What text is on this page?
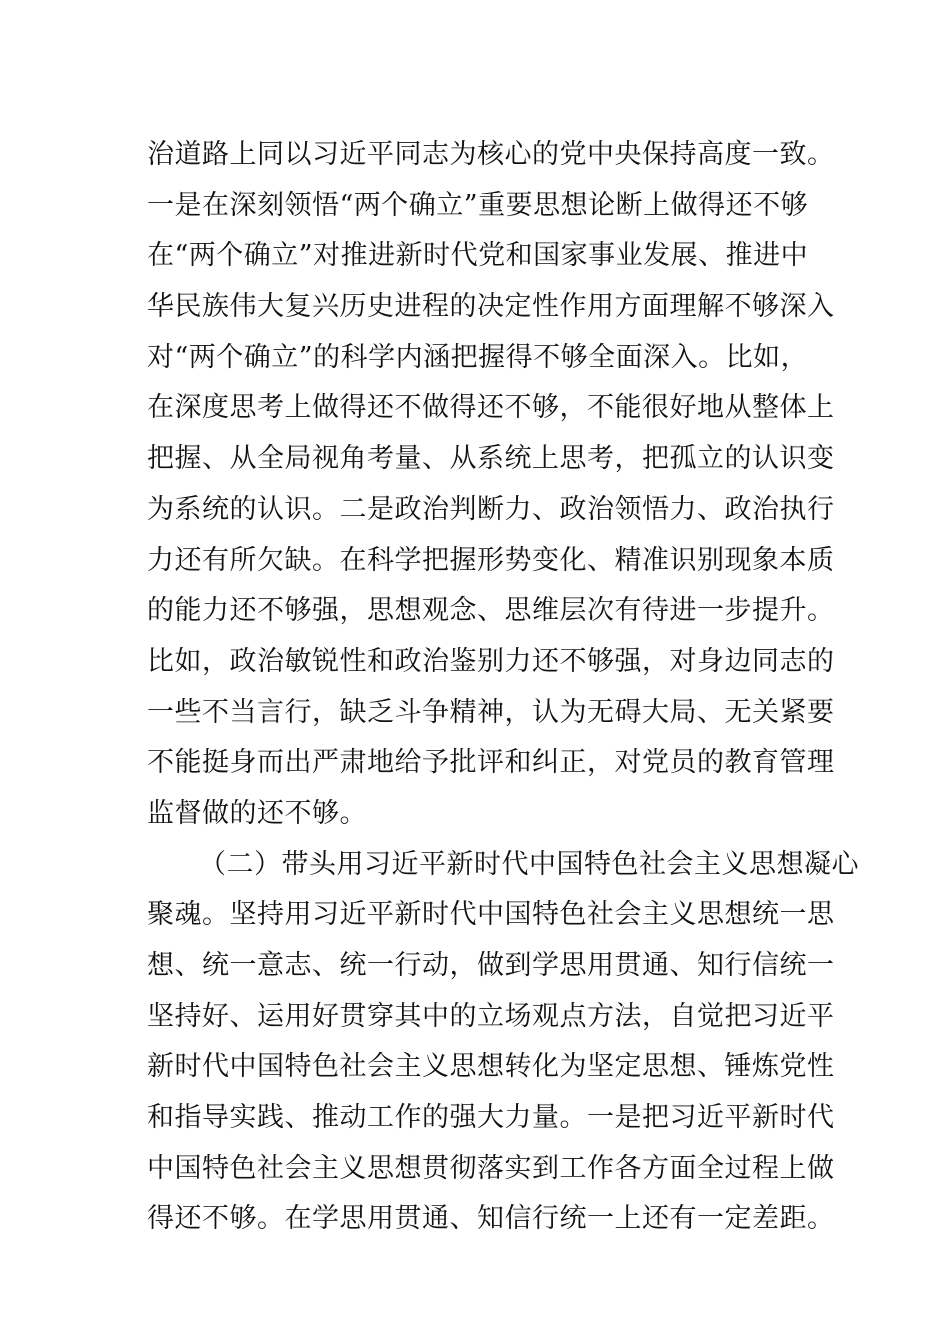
治道路上同以习近平同志为核心的党中央保持高度一致。
一是在深刻领悟“两个确立”重要思想论断上做得还不够
在“两个确立”对推进新时代党和国家事业发展、推进中
华民族伟大复兴历史进程的决定性作用方面理解不够深入
对“两个确立”的科学内涵把握得不够全面深入。比如，
在深度思考上做得还不做得还不够，不能很好地从整体上
把握、从全局视角考量、从系统上思考，把孤立的认识变
为系统的认识。二是政治判断力、政治领悟力、政治执行
力还有所欠缺。在科学把握形势变化、精准识别现象本质
的能力还不够强，思想观念、思维层次有待进一步提升。
比如，政治敏锐性和政治鉴别力还不够强，对身边同志的
一些不当言行，缺乏斗争精神，认为无碍大局、无关紧要
不能挺身而出严肃地给予批评和纠正，对党员的教育管理
监督做的还不够。
（二）带头用习近平新时代中国特色社会主义思想凝心
聚魂。坚持用习近平新时代中国特色社会主义思想统一思
想、统一意志、统一行动，做到学思用贯通、知行信统一
坚持好、运用好贯穿其中的立场观点方法，自觉把习近平
新时代中国特色社会主义思想转化为坚定思想、锤炼党性
和指导实践、推动工作的强大力量。一是把习近平新时代
中国特色社会主义思想贯彻落实到工作各方面全过程上做
得还不够。在学思用贯通、知信行统一上还有一定差距。
